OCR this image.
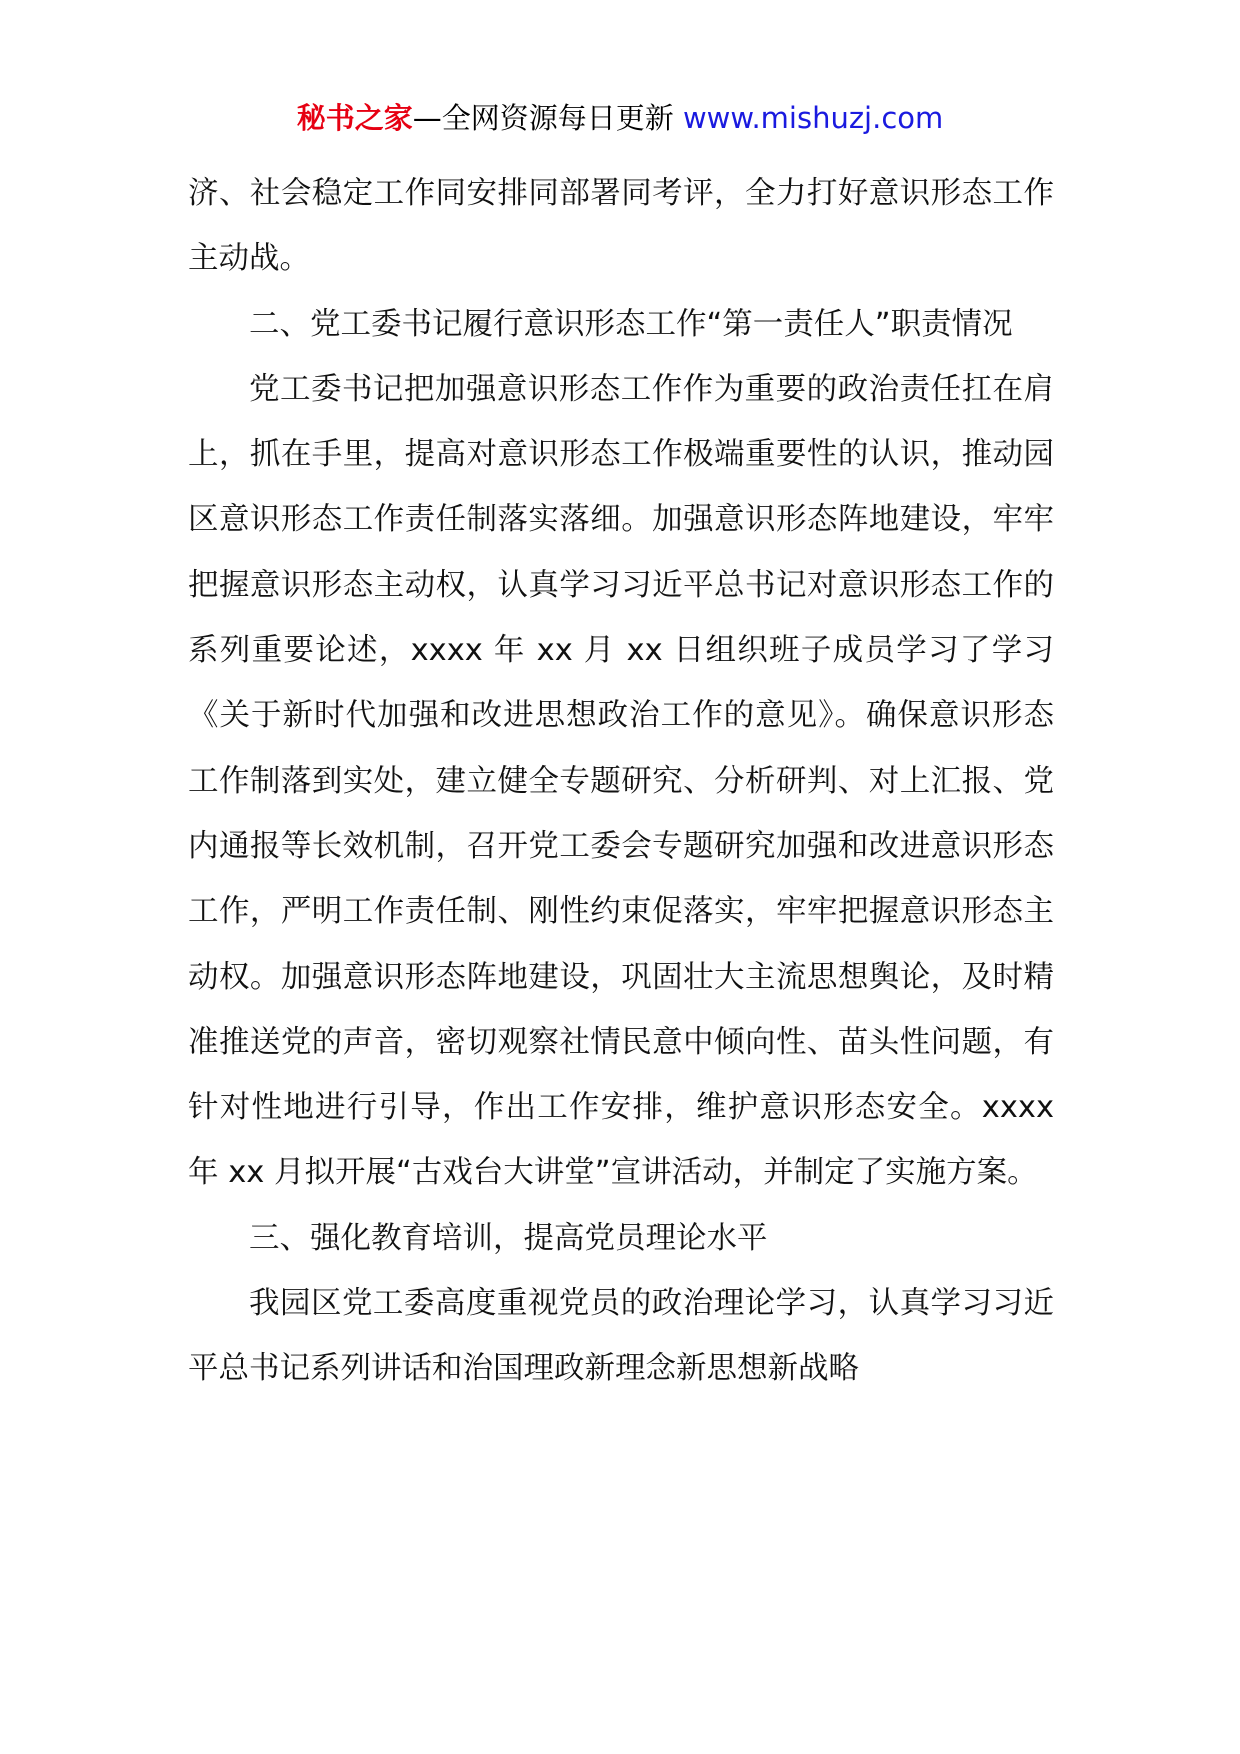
秘书之家—全网资源每日更新 www.mishuzj.com

济、社会稳定工作同安排同部署同考评，全力打好意识形态工作主动战。

二、党工委书记履行意识形态工作“第一责任人”职责情况

党工委书记把加强意识形态工作作为重要的政治责任扛在肩上，抓在手里，提高对意识形态工作极端重要性的认识，推动园区意识形态工作责任制落实落细。加强意识形态阵地建设，牢牢把握意识形态主动权，认真学习习近平总书记对意识形态工作的系列重要论述，xxxx 年 xx 月 xx 日组织班子成员学习了学习《关于新时代加强和改进思想政治工作的意见》。确保意识形态工作制落到实处，建立健全专题研究、分析研判、对上汇报、党内通报等长效机制，召开党工委会专题研究加强和改进意识形态工作，严明工作责任制、刚性约束促落实，牢牢把握意识形态主动权。加强意识形态阵地建设，巩固壮大主流思想舆论，及时精准推送党的声音，密切观察社情民意中倾向性、苗头性问题，有针对性地进行引导，作出工作安排，维护意识形态安全。xxxx 年 xx 月拟开展“古戏台大讲堂”宣讲活动，并制定了实施方案。

三、强化教育培训，提高党员理论水平

我园区党工委高度重视党员的政治理论学习，认真学习习近平总书记系列讲话和治国理政新理念新思想新战略
